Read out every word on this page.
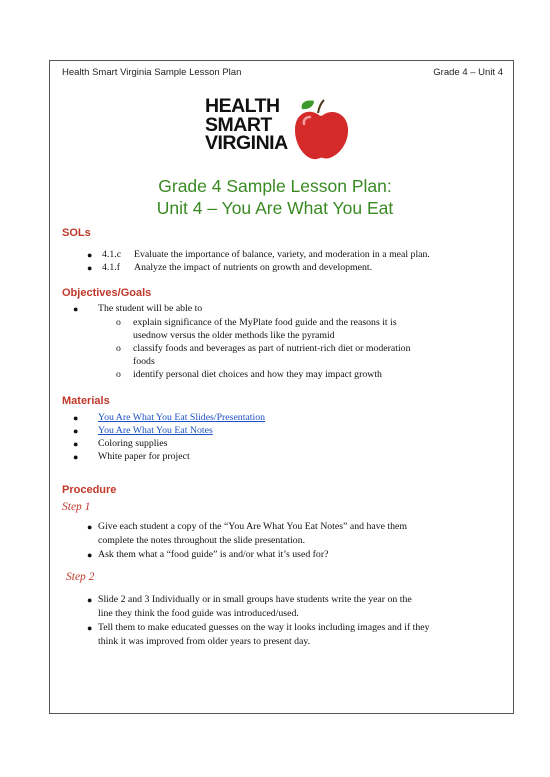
Health Smart Virginia Sample Lesson Plan	Grade 4 – Unit 4
HEALTH
SMART
VIRGINIA
Grade 4 Sample Lesson Plan:
Unit 4 – You Are What You Eat
SOLs
● 4.1.c Evaluate the importance of balance, variety, and moderation in a meal plan.
● 4.1.f Analyze the impact of nutrients on growth and development.
Objectives/Goals
● The student will be able to
o explain significance of the MyPlate food guide and the reasons it is
usednow versus the older methods like the pyramid
o classify foods and beverages as part of nutrient-rich diet or moderation
foods
o identify personal diet choices and how they may impact growth
Materials
●	You Are What You Eat Slides/Presentation
● You Are What You Eat Notes
● Coloring supplies
● White paper for project
Procedure
Step 1
● Give each student a copy of the “You Are What You Eat Notes” and have them
complete the notes throughout the slide presentation.
● Ask them what a “food guide” is and/or what it’s used for?
Step 2
● Slide 2 and 3 Individually or in small groups have students write the year on the
line they think the food guide was introduced/used.
● Tell them to make educated guesses on the way it looks including images and if they
think it was improved from older years to present day.
